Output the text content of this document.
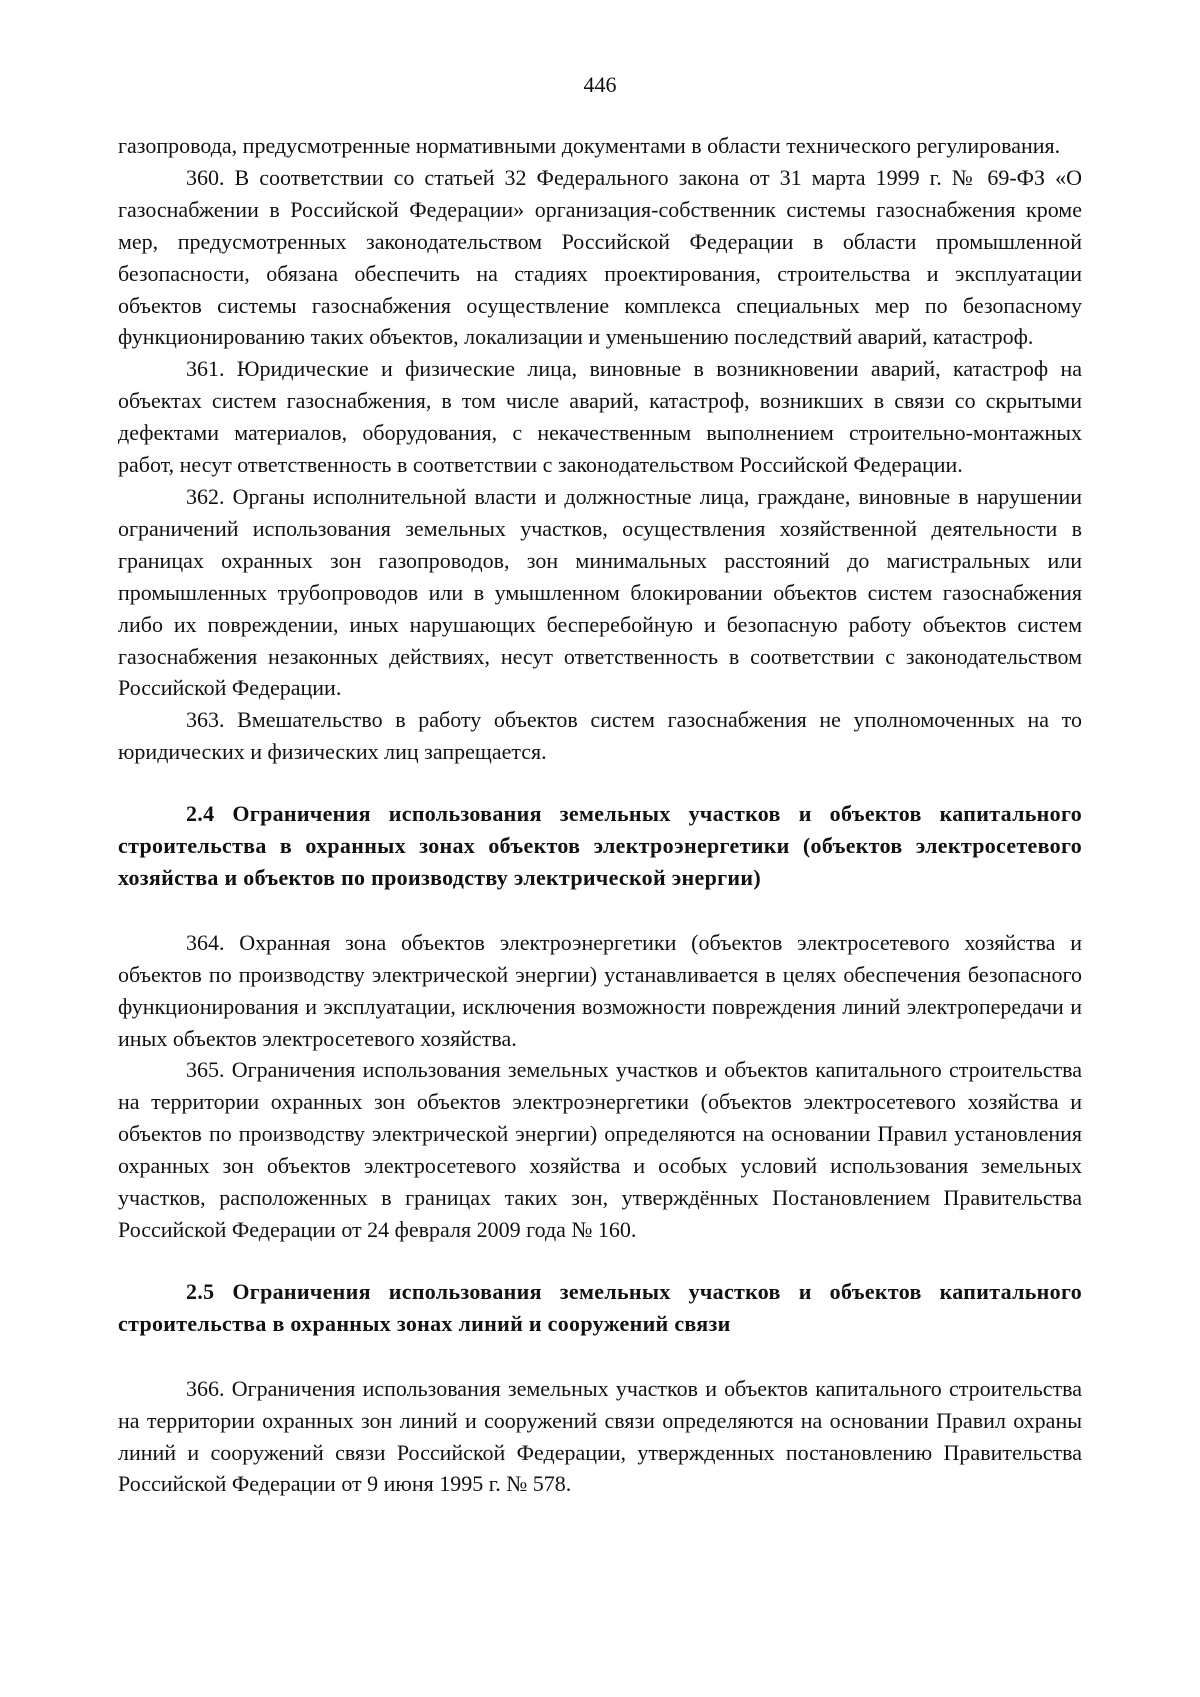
446

газопровода, предусмотренные нормативными документами в области технического регулирования.

360. В соответствии со статьей 32 Федерального закона от 31 марта 1999 г. № 69-ФЗ «О газоснабжении в Российской Федерации» организация-собственник системы газоснабжения кроме мер, предусмотренных законодательством Российской Федерации в области промышленной безопасности, обязана обеспечить на стадиях проектирования, строительства и эксплуатации объектов системы газоснабжения осуществление комплекса специальных мер по безопасному функционированию таких объектов, локализации и уменьшению последствий аварий, катастроф.

361. Юридические и физические лица, виновные в возникновении аварий, катастроф на объектах систем газоснабжения, в том числе аварий, катастроф, возникших в связи со скрытыми дефектами материалов, оборудования, с некачественным выполнением строительно-монтажных работ, несут ответственность в соответствии с законодательством Российской Федерации.

362. Органы исполнительной власти и должностные лица, граждане, виновные в нарушении ограничений использования земельных участков, осуществления хозяйственной деятельности в границах охранных зон газопроводов, зон минимальных расстояний до магистральных или промышленных трубопроводов или в умышленном блокировании объектов систем газоснабжения либо их повреждении, иных нарушающих бесперебойную и безопасную работу объектов систем газоснабжения незаконных действиях, несут ответственность в соответствии с законодательством Российской Федерации.

363. Вмешательство в работу объектов систем газоснабжения не уполномоченных на то юридических и физических лиц запрещается.

2.4 Ограничения использования земельных участков и объектов капитального строительства в охранных зонах объектов электроэнергетики (объектов электросетевого хозяйства и объектов по производству электрической энергии)

364. Охранная зона объектов электроэнергетики (объектов электросетевого хозяйства и объектов по производству электрической энергии) устанавливается в целях обеспечения безопасного функционирования и эксплуатации, исключения возможности повреждения линий электропередачи и иных объектов электросетевого хозяйства.

365. Ограничения использования земельных участков и объектов капитального строительства на территории охранных зон объектов электроэнергетики (объектов электросетевого хозяйства и объектов по производству электрической энергии) определяются на основании Правил установления охранных зон объектов электросетевого хозяйства и особых условий использования земельных участков, расположенных в границах таких зон, утверждённых Постановлением Правительства Российской Федерации от 24 февраля 2009 года № 160.

2.5 Ограничения использования земельных участков и объектов капитального строительства в охранных зонах линий и сооружений связи

366. Ограничения использования земельных участков и объектов капитального строительства на территории охранных зон линий и сооружений связи определяются на основании Правил охраны линий и сооружений связи Российской Федерации, утвержденных постановлению Правительства Российской Федерации от 9 июня 1995 г. № 578.
